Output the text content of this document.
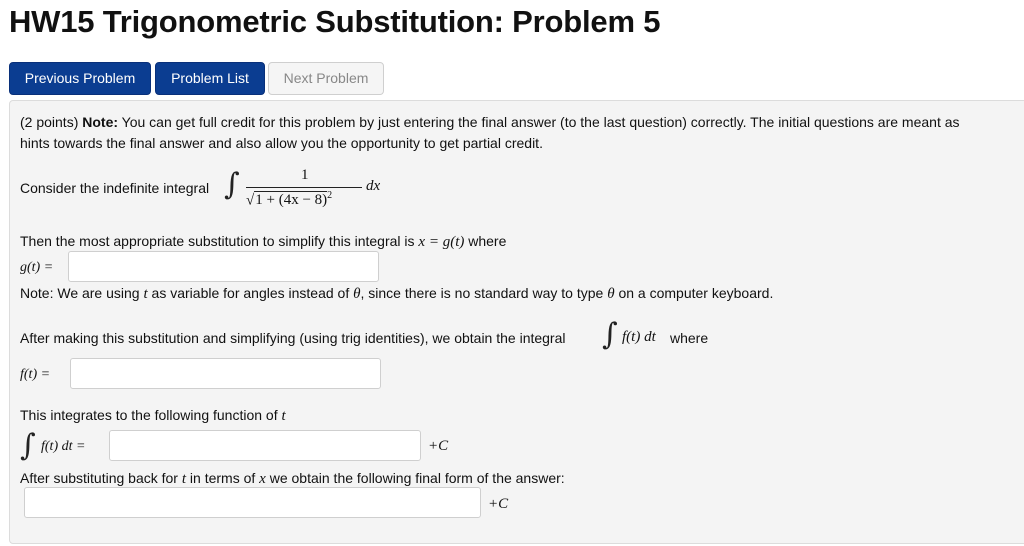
HW15 Trigonometric Substitution: Problem 5
Previous Problem	Problem List	Next Problem
(2 points) Note: You can get full credit for this problem by just entering the final answer (to the last question) correctly. The initial questions are meant as
hints towards the final answer and also allow you the opportunity to get partial credit.
Consider the indefinite integral ∫	1
$√1 + (4x - 8)^2$
dx
Then the most appropriate substitution to simplify this integral is x = g(t) where
g(t) =
Note: We are using t as variable for angles instead of θ, since there is no standard way to type θ on a computer keyboard.
After making this substitution and simplifying (using trig identities), we obtain the integral ∫ f(t) dt where
f(t) =
This integrates to the following function of t
∫ f(t) dt =	+C
After substituting back for t in terms of x we obtain the following final form of the answer:
+C
